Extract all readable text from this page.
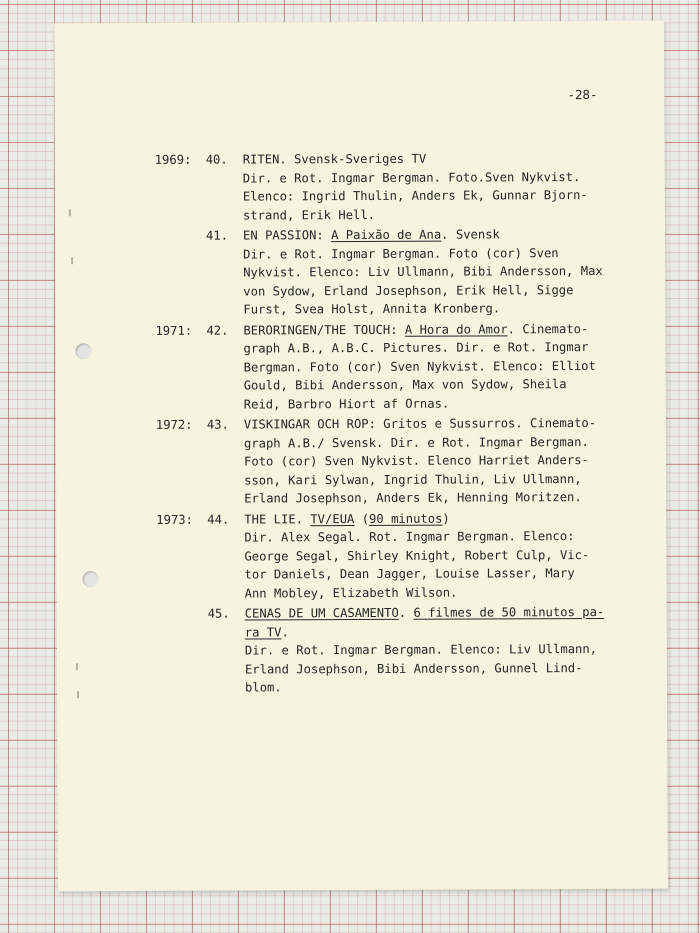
-28-
1969: 40. RITEN. Svensk-Sveriges TV
Dir. e Rot. Ingmar Bergman. Foto.Sven Nykvist.
Elenco: Ingrid Thulin, Anders Ek, Gunnar Bjorn-
strand, Erik Hell.
41. EN PASSION: A Paixão de Ana. Svensk
Dir. e Rot. Ingmar Bergman. Foto (cor) Sven
Nykvist. Elenco: Liv Ullmann, Bibi Andersson, Max
von Sydow, Erland Josephson, Erik Hell, Sigge
Furst, Svea Holst, Annita Kronberg.
1971: 42. BERORINGEN/THE TOUCH: A Hora do Amor. Cinemato-
graph A.B., A.B.C. Pictures. Dir. e Rot. Ingmar
Bergman. Foto (cor) Sven Nykvist. Elenco: Elliot
Gould, Bibi Andersson, Max von Sydow, Sheila
Reid, Barbro Hiort af Ornas.
1972: 43. VISKINGAR OCH ROP: Gritos e Sussurros. Cinemato-
graph A.B./ Svensk. Dir. e Rot. Ingmar Bergman.
Foto (cor) Sven Nykvist. Elenco Harriet Anders-
sson, Kari Sylwan, Ingrid Thulin, Liv Ullmann,
Erland Josephson, Anders Ek, Henning Moritzen.
1973: 44. THE LIE. TV/EUA (90 minutos)
Dir. Alex Segal. Rot. Ingmar Bergman. Elenco:
George Segal, Shirley Knight, Robert Culp, Vic-
tor Daniels, Dean Jagger, Louise Lasser, Mary
Ann Mobley, Elizabeth Wilson.
45. CENAS DE UM CASAMENTO. 6 filmes de 50 minutos pa-
ra TV.
Dir. e Rot. Ingmar Bergman. Elenco: Liv Ullmann,
Erland Josephson, Bibi Andersson, Gunnel Lind-
blom.
